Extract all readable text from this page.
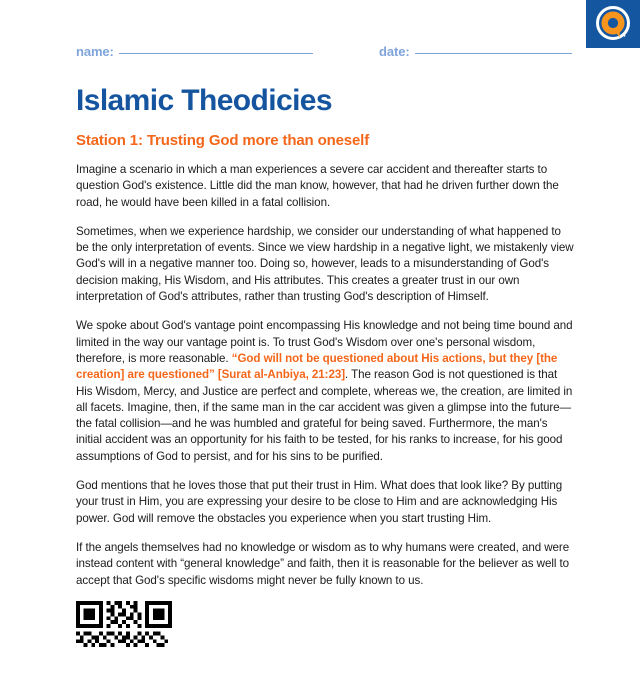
name:	date:
Islamic Theodicies
Station 1: Trusting God more than oneself

Imagine a scenario in which a man experiences a severe car accident and thereafter starts to question God's existence. Little did the man know, however, that had he driven further down the road, he would have been killed in a fatal collision.

Sometimes, when we experience hardship, we consider our understanding of what happened to be the only interpretation of events. Since we view hardship in a negative light, we mistakenly view God's will in a negative manner too. Doing so, however, leads to a misunderstanding of God's decision making, His Wisdom, and His attributes. This creates a greater trust in our own interpretation of God's attributes, rather than trusting God's description of Himself.

We spoke about God's vantage point encompassing His knowledge and not being time bound and limited in the way our vantage point is. To trust God's Wisdom over one's personal wisdom, therefore, is more reasonable. “God will not be questioned about His actions, but they [the creation] are questioned” [Surat al-Anbiya, 21:23]. The reason God is not questioned is that His Wisdom, Mercy, and Justice are perfect and complete, whereas we, the creation, are limited in all facets. Imagine, then, if the same man in the car accident was given a glimpse into the future—the fatal collision—and he was humbled and grateful for being saved. Furthermore, the man's initial accident was an opportunity for his faith to be tested, for his ranks to increase, for his good assumptions of God to persist, and for his sins to be purified.

God mentions that he loves those that put their trust in Him. What does that look like? By putting your trust in Him, you are expressing your desire to be close to Him and are acknowledging His power. God will remove the obstacles you experience when you start trusting Him.

If the angels themselves had no knowledge or wisdom as to why humans were created, and were instead content with “general knowledge” and faith, then it is reasonable for the believer as well to accept that God's specific wisdoms might never be fully known to us.
